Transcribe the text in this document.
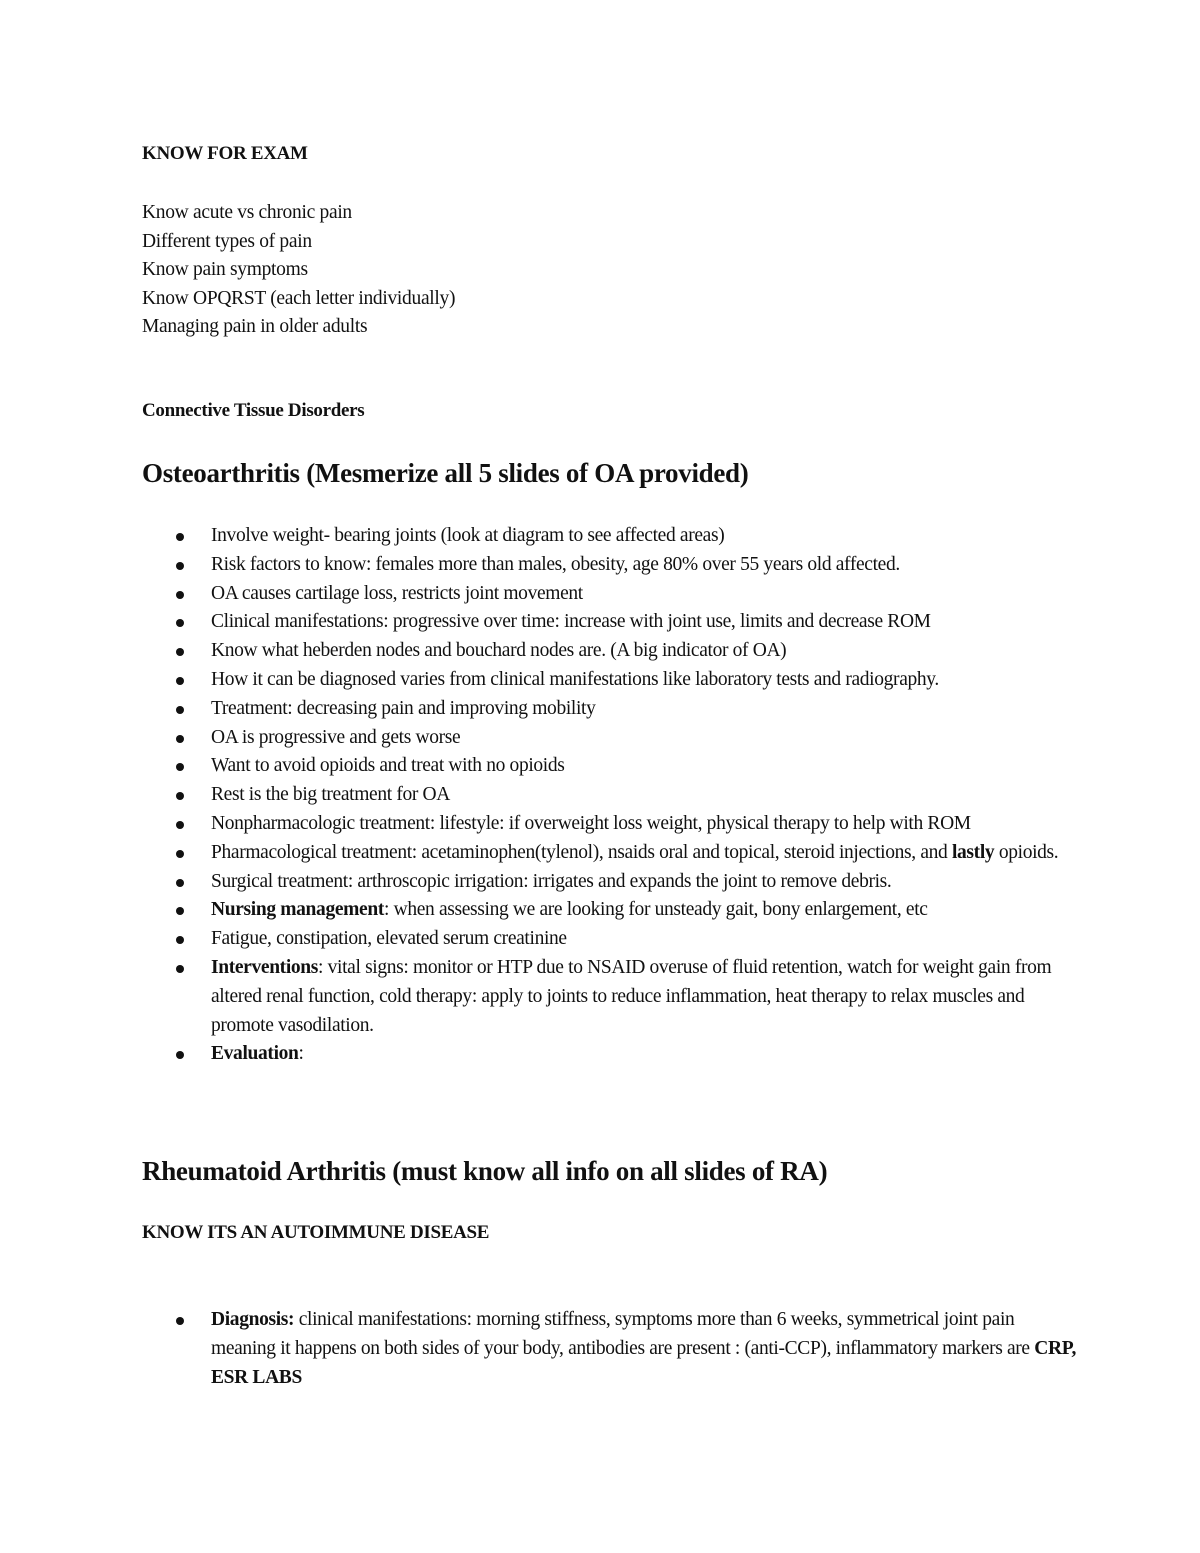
KNOW FOR EXAM
Know acute vs chronic pain
Different types of pain
Know pain symptoms
Know OPQRST (each letter individually)
Managing pain in older adults
Connective Tissue Disorders
Osteoarthritis (Mesmerize all 5 slides of OA provided)
Involve weight- bearing joints (look at diagram to see affected areas)
Risk factors to know: females more than males, obesity, age 80% over 55 years old affected.
OA causes cartilage loss, restricts joint movement
Clinical manifestations: progressive over time: increase with joint use, limits and decrease ROM
Know what heberden nodes and bouchard nodes are. (A big indicator of OA)
How it can be diagnosed varies from clinical manifestations like laboratory tests and radiography.
Treatment: decreasing pain and improving mobility
OA is progressive and gets worse
Want to avoid opioids and treat with no opioids
Rest is the big treatment for OA
Nonpharmacologic treatment: lifestyle: if overweight loss weight, physical therapy to help with ROM
Pharmacological treatment: acetaminophen(tylenol), nsaids oral and topical, steroid injections, and lastly opioids.
Surgical treatment: arthroscopic irrigation: irrigates and expands the joint to remove debris.
Nursing management: when assessing we are looking for unsteady gait, bony enlargement, etc
Fatigue, constipation, elevated serum creatinine
Interventions: vital signs: monitor or HTP due to NSAID overuse of fluid retention, watch for weight gain from altered renal function, cold therapy: apply to joints to reduce inflammation, heat therapy to relax muscles and promote vasodilation.
Evaluation:
Rheumatoid Arthritis (must know all info on all slides of RA)
KNOW ITS AN AUTOIMMUNE DISEASE
Diagnosis: clinical manifestations: morning stiffness, symptoms more than 6 weeks, symmetrical joint pain meaning it happens on both sides of your body, antibodies are present : (anti-CCP), inflammatory markers are CRP, ESR LABS
